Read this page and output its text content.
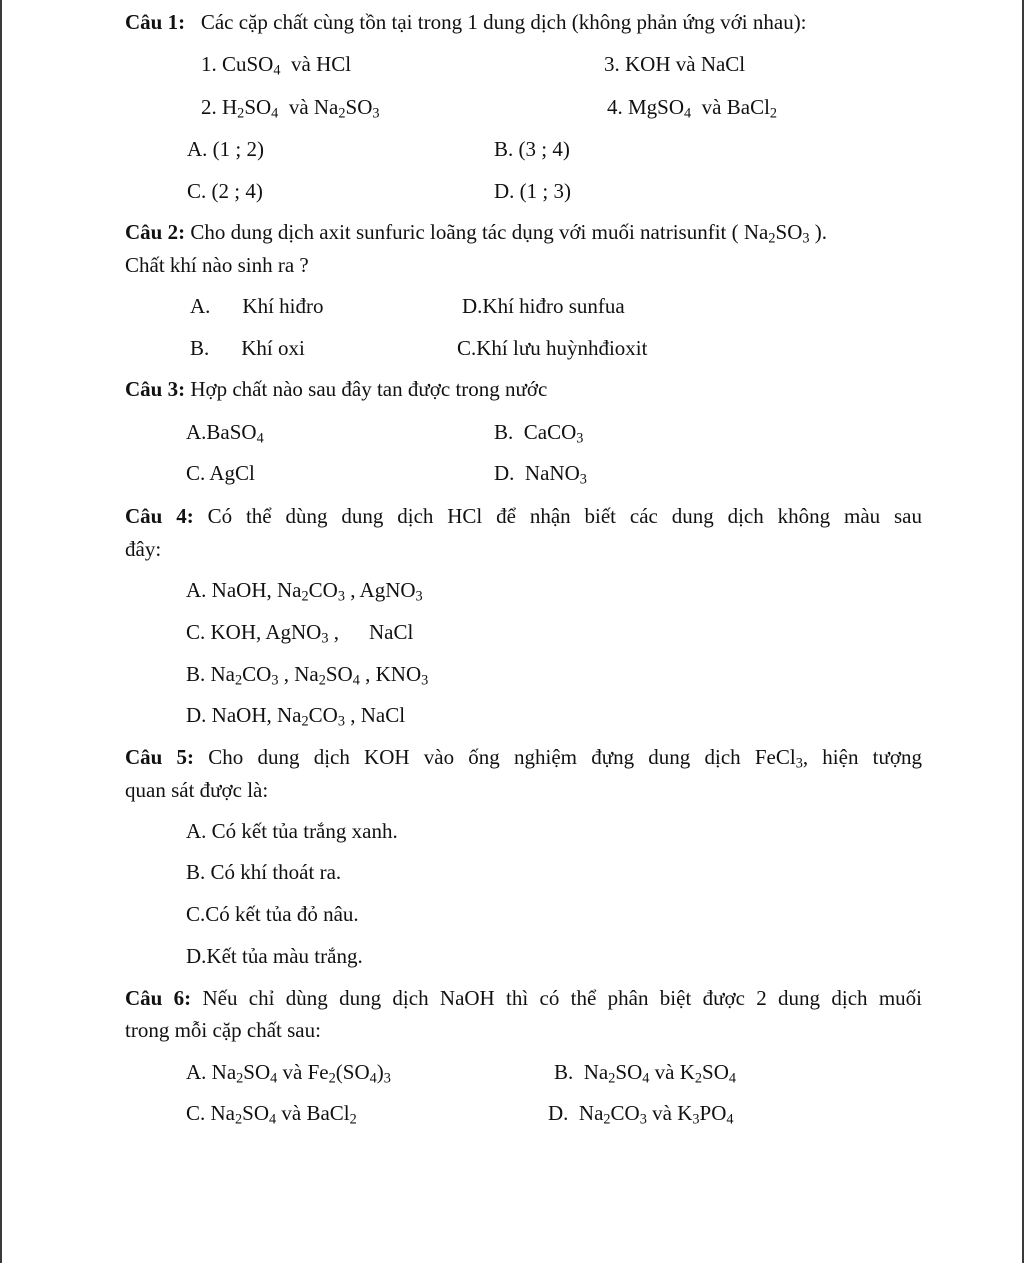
Câu 1: Các cặp chất cùng tồn tại trong 1 dung dịch (không phản ứng với nhau):
1. CuSO$_4$ và HCl	3. KOH và NaCl
2. $H_2SO_4$ và $Na_2SO_3$	4. MgSO$_4$ và BaCl$_2$
A. (1 ; 2)	B. (3 ; 4)
C. (2 ; 4)	D. (1 ; 3)
Câu 2: Cho dung dịch axit sunfuric loãng tác dụng với muối natrisunfit ( $Na_2SO_3$ ).
Chất khí nào sinh ra ?
A. Khí hiđro	D.Khí hiđro sunfua
B. Khí oxi	C.Khí lưu huỳnhđioxit
Câu 3: Hợp chất nào sau đây tan được trong nước
A.BaSO$_4$	B.  CaCO$_3$
C. AgCl	D.  NaNO$_3$
Câu 4: Có thể dùng dung dịch HCl để nhận biết các dung dịch không màu sau
đây:
A. NaOH, $Na_2CO_3$ , AgNO$_3$
C. KOH, AgNO$_3$ , NaCl
B. $Na_2CO_3$ , $Na_2SO_4$ , $KNO_3$
D. NaOH, $Na_2CO_3$ , NaCl
Câu 5: Cho dung dịch KOH vào ống nghiệm đựng dung dịch FeCl$_3$, hiện tượng
quan sát được là:
A. Có kết tủa trắng xanh.
B. Có khí thoát ra.
C.Có kết tủa đỏ nâu.
D.Kết tủa màu trắng.
Câu 6: Nếu chỉ dùng dung dịch NaOH thì có thể phân biệt được 2 dung dịch muối
trong mỗi cặp chất sau:
A. $Na_2SO_4$ và $Fe_2(SO_4)_3$	B.  $Na_2SO_4$ và $K_2SO_4$
C. $Na_2SO_4$ và BaCl$_2$	D.  $Na_2CO_3$ và $K_3PO_4$
